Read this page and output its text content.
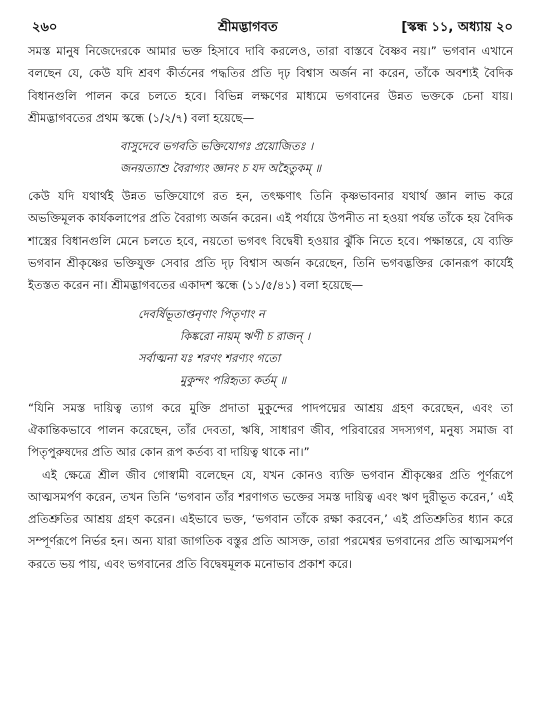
২৬০	শ্রীমদ্ভাগবত	[স্কন্ধ ১১, অধ্যায় ২০

সমস্ত মানুষ নিজেদেরকে আমার ভক্ত হিসাবে দাবি করলেও, তারা বাস্তবে বৈষ্ণব নয়।” ভগবান এখানে বলছেন যে, কেউ যদি শ্রবণ কীর্তনের পদ্ধতির প্রতি দৃঢ় বিশ্বাস অর্জন না করেন, তাঁকে অবশ্যই বৈদিক বিধানগুলি পালন করে চলতে হবে। বিভিন্ন লক্ষণের মাধ্যমে ভগবানের উন্নত ভক্তকে চেনা যায়। শ্রীমদ্ভাগবতের প্রথম স্কন্ধে (১/২/৭) বলা হয়েছে—

বাসুদেবে ভগবতি ভক্তিযোগঃ প্রয়োজিতঃ ।

জনয়ত্যাশু বৈরাগ্যং জ্ঞানং চ যদ অহৈতুকম্ ॥

কেউ যদি যথার্থই উন্নত ভক্তিযোগে রত হন, তৎক্ষণাৎ তিনি কৃষ্ণভাবনার যথার্থ জ্ঞান লাভ করে অভক্তিমূলক কার্যকলাপের প্রতি বৈরাগ্য অর্জন করেন। এই পর্যায়ে উপনীত না হওয়া পর্যন্ত তাঁকে হয় বৈদিক শাস্ত্রের বিধানগুলি মেনে চলতে হবে, নয়তো ভগবৎ বিদ্বেষী হওয়ার ঝুঁকি নিতে হবে। পক্ষান্তরে, যে ব্যক্তি ভগবান শ্রীকৃষ্ণের ভক্তিযুক্ত সেবার প্রতি দৃঢ় বিশ্বাস অর্জন করেছেন, তিনি ভগবদ্ভক্তির কোনরূপ কার্যেই ইতস্তত করেন না। শ্রীমদ্ভাগবতের একাদশ স্কন্ধে (১১/৫/৪১) বলা হয়েছে—

দেবর্ষিভূতাপ্তনৃণাং পিতৃণাং ন

কিঙ্করো নায়ম্ ঋণী চ রাজন্ ।

সর্বাত্মনা যঃ শরণং শরণ্যং গতো

মুকুন্দং পরিহৃত্য কর্তম্ ॥

“যিনি সমস্ত দায়িত্ব ত্যাগ করে মুক্তি প্রদাতা মুকুন্দের পাদপদ্মের আশ্রয় গ্রহণ করেছেন, এবং তা ঐকান্তিকভাবে পালন করেছেন, তাঁর দেবতা, ঋষি, সাধারণ জীব, পরিবারের সদস্যগণ, মনুষ্য সমাজ বা পিতৃপুরুষদের প্রতি আর কোন রূপ কর্তব্য বা দায়িত্ব থাকে না।”

এই ক্ষেত্রে শ্রীল জীব গোস্বামী বলেছেন যে, যখন কোনও ব্যক্তি ভগবান শ্রীকৃষ্ণের প্রতি পূর্ণরূপে আত্মসমর্পণ করেন, তখন তিনি ‘ভগবান তাঁর শরণাগত ভক্তের সমস্ত দায়িত্ব এবং ঋণ দুরীভূত করেন,’ এই প্রতিশ্রুতির আশ্রয় গ্রহণ করেন। এইভাবে ভক্ত, ‘ভগবান তাঁকে রক্ষা করবেন,’ এই প্রতিশ্রুতির ধ্যান করে সম্পূর্ণরূপে নির্ভর হন। অন্য যারা জাগতিক বস্তুর প্রতি আসক্ত, তারা পরমেশ্বর ভগবানের প্রতি আত্মসমর্পণ করতে ভয় পায়, এবং ভগবানের প্রতি বিদ্বেষমূলক মনোভাব প্রকাশ করে।
